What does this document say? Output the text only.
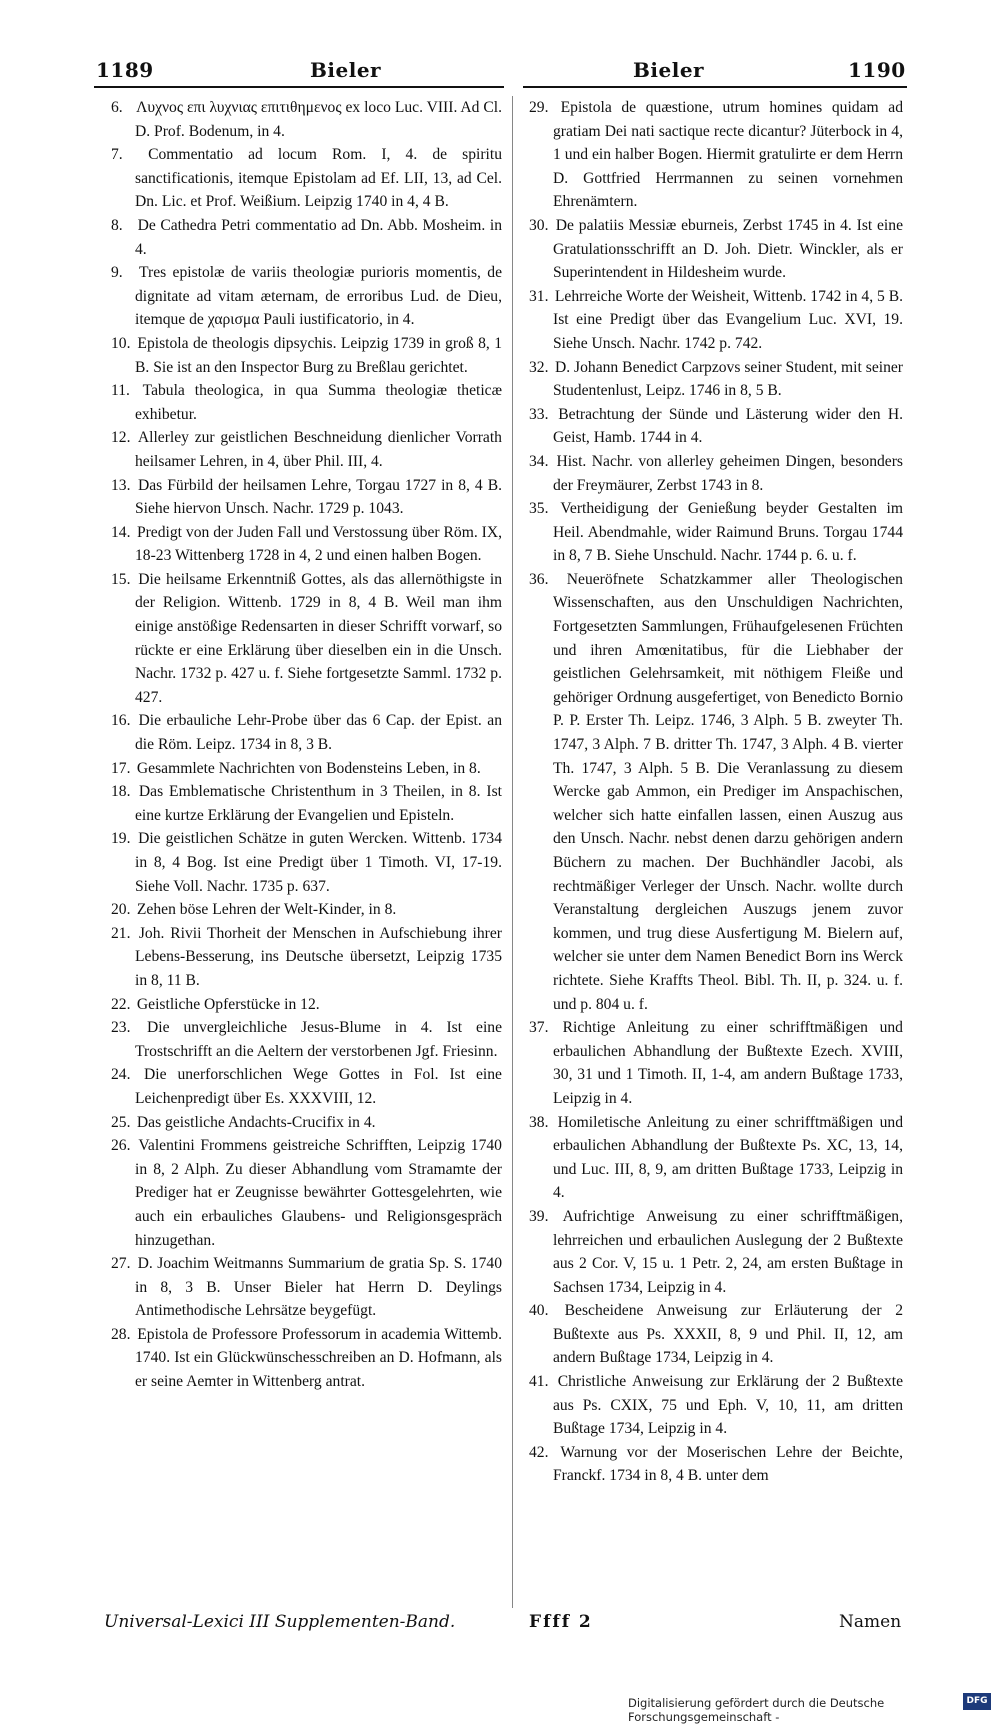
1189	Bieler	Bieler	1190

6. Λυχνος επι λυχνιας επιτιθημενος ex loco Luc. VIII. Ad Cl. D. Prof. Bodenum, in 4.

7. Commentatio ad locum Rom. I, 4. de spiritu sanctificationis, itemque Epistolam ad Ef. LII, 13, ad Cel. Dn. Lic. et Prof. Weißium. Leipzig 1740 in 4, 4 B.

8. De Cathedra Petri commentatio ad Dn. Abb. Mosheim. in 4.

9. Tres epistolæ de variis theologiæ purioris momentis, de dignitate ad vitam æternam, de erroribus Lud. de Dieu, itemque de χαρισμα Pauli iustificatorio, in 4.

10. Epistola de theologis dipsychis. Leipzig 1739 in groß 8, 1 B. Sie ist an den Inspector Burg zu Breßlau gerichtet.

11. Tabula theologica, in qua Summa theologiæ theticæ exhibetur.

12. Allerley zur geistlichen Beschneidung dienlicher Vorrath heilsamer Lehren, in 4, über Phil. III, 4.

13. Das Fürbild der heilsamen Lehre, Torgau 1727 in 8, 4 B. Siehe hiervon Unsch. Nachr. 1729 p. 1043.

14. Predigt von der Juden Fall und Verstossung über Röm. IX, 18-23 Wittenberg 1728 in 4, 2 und einen halben Bogen.

15. Die heilsame Erkenntniß Gottes, als das allernöthigste in der Religion. Wittenb. 1729 in 8, 4 B. Weil man ihm einige anstößige Redensarten in dieser Schrifft vorwarf, so rückte er eine Erklärung über dieselben ein in die Unsch. Nachr. 1732 p. 427 u. f. Siehe fortgesetzte Samml. 1732 p. 427.

16. Die erbauliche Lehr-Probe über das 6 Cap. der Epist. an die Röm. Leipz. 1734 in 8, 3 B.

17. Gesammlete Nachrichten von Bodensteins Leben, in 8.

18. Das Emblematische Christenthum in 3 Theilen, in 8. Ist eine kurtze Erklärung der Evangelien und Episteln.

19. Die geistlichen Schätze in guten Wercken. Wittenb. 1734 in 8, 4 Bog. Ist eine Predigt über 1 Timoth. VI, 17-19. Siehe Voll. Nachr. 1735 p. 637.

20. Zehen böse Lehren der Welt-Kinder, in 8.

21. Joh. Rivii Thorheit der Menschen in Aufschiebung ihrer Lebens-Besserung, ins Deutsche übersetzt, Leipzig 1735 in 8, 11 B.

22. Geistliche Opferstücke in 12.

23. Die unvergleichliche Jesus-Blume in 4. Ist eine Trostschrifft an die Aeltern der verstorbenen Jgf. Friesinn.

24. Die unerforschlichen Wege Gottes in Fol. Ist eine Leichenpredigt über Es. XXXVIII, 12.

25. Das geistliche Andachts-Crucifix in 4.

26. Valentini Frommens geistreiche Schrifften, Leipzig 1740 in 8, 2 Alph. Zu dieser Abhandlung vom Stramamte der Prediger hat er Zeugnisse bewährter Gottesgelehrten, wie auch ein erbauliches Glaubens- und Religionsgespräch hinzugethan.

27. D. Joachim Weitmanns Summarium de gratia Sp. S. 1740 in 8, 3 B. Unser Bieler hat Herrn D. Deylings Antimethodische Lehrsätze beygefügt.

28. Epistola de Professore Professorum in academia Wittemb. 1740. Ist ein Glückwünschesschreiben an D. Hofmann, als er seine Aemter in Wittenberg antrat.

29. Epistola de quæstione, utrum homines quidam ad gratiam Dei nati sactique recte dicantur? Jüterbock in 4, 1 und ein halber Bogen. Hiermit gratulirte er dem Herrn D. Gottfried Herrmannen zu seinen vornehmen Ehrenämtern.

30. De palatiis Messiæ eburneis, Zerbst 1745 in 4. Ist eine Gratulationsschrifft an D. Joh. Dietr. Winckler, als er Superintendent in Hildesheim wurde.

31. Lehrreiche Worte der Weisheit, Wittenb. 1742 in 4, 5 B. Ist eine Predigt über das Evangelium Luc. XVI, 19. Siehe Unsch. Nachr. 1742 p. 742.

32. D. Johann Benedict Carpzovs seiner Student, mit seiner Studentenlust, Leipz. 1746 in 8, 5 B.

33. Betrachtung der Sünde und Lästerung wider den H. Geist, Hamb. 1744 in 4.

34. Hist. Nachr. von allerley geheimen Dingen, besonders der Freymäurer, Zerbst 1743 in 8.

35. Vertheidigung der Genießung beyder Gestalten im Heil. Abendmahle, wider Raimund Bruns. Torgau 1744 in 8, 7 B. Siehe Unschuld. Nachr. 1744 p. 6. u. f.

36. Neueröfnete Schatzkammer aller Theologischen Wissenschaften, aus den Unschuldigen Nachrichten, Fortgesetzten Sammlungen, Frühaufgelesenen Früchten und ihren Amœnitatibus, für die Liebhaber der geistlichen Gelehrsamkeit, mit nöthigem Fleiße und gehöriger Ordnung ausgefertiget, von Benedicto Bornio P. P. Erster Th. Leipz. 1746, 3 Alph. 5 B. zweyter Th. 1747, 3 Alph. 7 B. dritter Th. 1747, 3 Alph. 4 B. vierter Th. 1747, 3 Alph. 5 B. Die Veranlassung zu diesem Wercke gab Ammon, ein Prediger im Anspachischen, welcher sich hatte einfallen lassen, einen Auszug aus den Unsch. Nachr. nebst denen darzu gehörigen andern Büchern zu machen. Der Buchhändler Jacobi, als rechtmäßiger Verleger der Unsch. Nachr. wollte durch Veranstaltung dergleichen Auszugs jenem zuvor kommen, und trug diese Ausfertigung M. Bielern auf, welcher sie unter dem Namen Benedict Born ins Werck richtete. Siehe Kraffts Theol. Bibl. Th. II, p. 324. u. f. und p. 804 u. f.

37. Richtige Anleitung zu einer schrifftmäßigen und erbaulichen Abhandlung der Bußtexte Ezech. XVIII, 30, 31 und 1 Timoth. II, 1-4, am andern Bußtage 1733, Leipzig in 4.

38. Homiletische Anleitung zu einer schrifftmäßigen und erbaulichen Abhandlung der Bußtexte Ps. XC, 13, 14, und Luc. III, 8, 9, am dritten Bußtage 1733, Leipzig in 4.

39. Aufrichtige Anweisung zu einer schrifftmäßigen, lehrreichen und erbaulichen Auslegung der 2 Bußtexte aus 2 Cor. V, 15 u. 1 Petr. 2, 24, am ersten Bußtage in Sachsen 1734, Leipzig in 4.

40. Bescheidene Anweisung zur Erläuterung der 2 Bußtexte aus Ps. XXXII, 8, 9 und Phil. II, 12, am andern Bußtage 1734, Leipzig in 4.

41. Christliche Anweisung zur Erklärung der 2 Bußtexte aus Ps. CXIX, 75 und Eph. V, 10, 11, am dritten Bußtage 1734, Leipzig in 4.

42. Warnung vor der Moserischen Lehre der Beichte, Franckf. 1734 in 8, 4 B. unter dem

Universal-Lexici III Supplementen-Band.	Ffff 2	Namen
Digitalisierung gefördert durch die Deutsche Forschungsgemeinschaft -
DFG
